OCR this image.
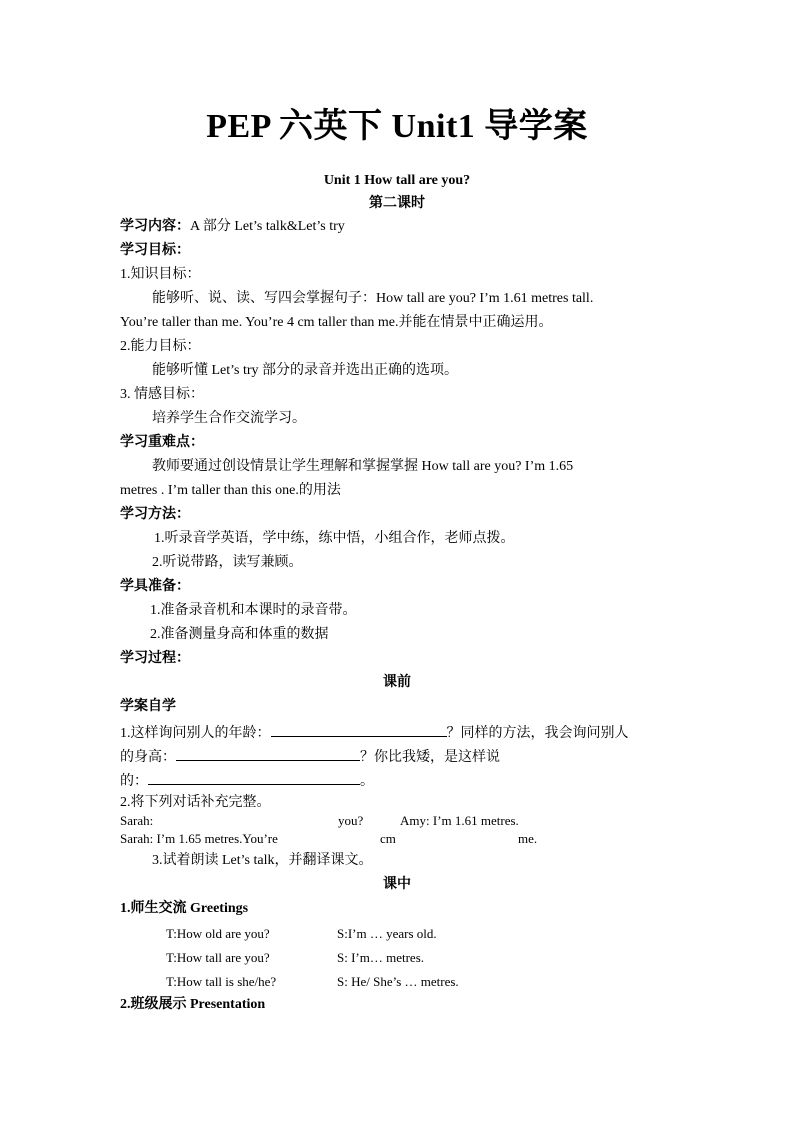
PEP 六英下 Unit1 导学案
Unit 1 How tall are you?
第二课时
学习内容：A 部分 Let’s talk&Let’s try
学习目标：
1.知识目标：
能够听、说、读、写四会掌握句子：How tall are you? I’m 1.61 metres tall.
You’re taller than me. You’re 4 cm taller than me.并能在情景中正确运用。
2.能力目标：
能够听懂 Let’s try 部分的录音并选出正确的选项。
3. 情感目标：
培养学生合作交流学习。
学习重难点：
教师要通过创设情景让学生理解和掌握掌握 How tall are you? I’m 1.65
metres . I’m taller than this one.的用法
学习方法：
1.听录音学英语，学中练，练中悟，小组合作，老师点拨。
2.听说带路，读写兼顾。
学具准备：
1.准备录音机和本课时的录音带。
2.准备测量身高和体重的数据
学习过程：
课前
学案自学
1.这样询问别人的年龄：	？同样的方法，我会询问别人
的身高：	？你比我矮，是这样说
的：	。
2.将下列对话补充完整。
Sarah:	you?	Amy: I’m 1.61 metres.
Sarah: I’m 1.65 metres.You’re	cm	me.
3.试着朗读 Let’s talk，并翻译课文。
课中
1.师生交流 Greetings
T:How old are you?	S:I’m … years old.
T:How tall are you?	S: I’m… metres.
T:How tall is she/he?	S: He/ She’s … metres.
2.班级展示 Presentation
